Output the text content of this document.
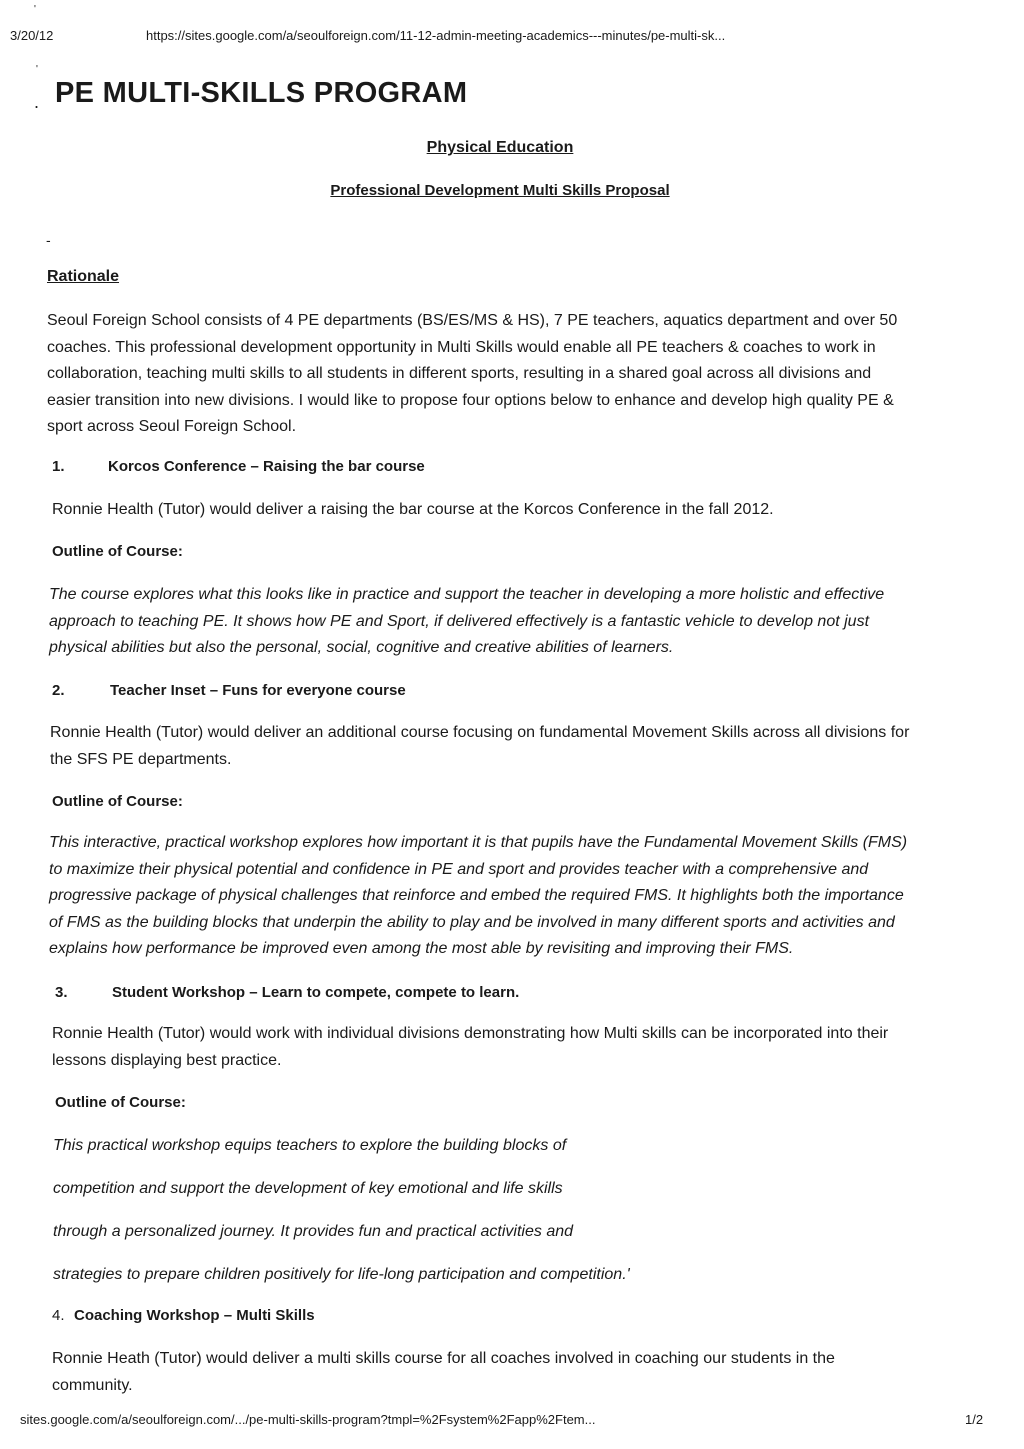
'
3/20/12	https://sites.google.com/a/seoulforeign.com/11-12-admin-meeting-academics---minutes/pe-multi-sk...
'
. PE MULTI-SKILLS PROGRAM
Physical Education
Professional Development Multi Skills Proposal
-
Rationale
Seoul Foreign School consists of 4 PE departments (BS/ES/MS & HS), 7 PE teachers, aquatics department and over 50
coaches. This professional development opportunity in Multi Skills would enable all PE teachers & coaches to work in
collaboration, teaching multi skills to all students in different sports, resulting in a shared goal across all divisions and
easier transition into new divisions. I would like to propose four options below to enhance and develop high quality PE &
sport across Seoul Foreign School.
1.	Korcos Conference – Raising the bar course
Ronnie Health (Tutor) would deliver a raising the bar course at the Korcos Conference in the fall 2012.
Outline of Course:
The course explores what this looks like in practice and support the teacher in developing a more holistic and effective
approach to teaching PE. It shows how PE and Sport, if delivered effectively is a fantastic vehicle to develop not just
physical abilities but also the personal, social, cognitive and creative abilities of learners.
2.	Teacher Inset – Funs for everyone course
Ronnie Health (Tutor) would deliver an additional course focusing on fundamental Movement Skills across all divisions for
the SFS PE departments.
Outline of Course:
This interactive, practical workshop explores how important it is that pupils have the Fundamental Movement Skills (FMS)
to maximize their physical potential and confidence in PE and sport and provides teacher with a comprehensive and
progressive package of physical challenges that reinforce and embed the required FMS. It highlights both the importance
of FMS as the building blocks that underpin the ability to play and be involved in many different sports and activities and
explains how performance be improved even among the most able by revisiting and improving their FMS.
3.	Student Workshop – Learn to compete, compete to learn.
Ronnie Health (Tutor) would work with individual divisions demonstrating how Multi skills can be incorporated into their
lessons displaying best practice.
Outline of Course:
This practical workshop equips teachers to explore the building blocks of
competition and support the development of key emotional and life skills
through a personalized journey. It provides fun and practical activities and
strategies to prepare children positively for life-long participation and competition.'
4. Coaching Workshop – Multi Skills
Ronnie Heath (Tutor) would deliver a multi skills course for all coaches involved in coaching our students in the
community.
sites.google.com/a/seoulforeign.com/.../pe-multi-skills-program?tmpl=%2Fsystem%2Fapp%2Ftem...	1/2
